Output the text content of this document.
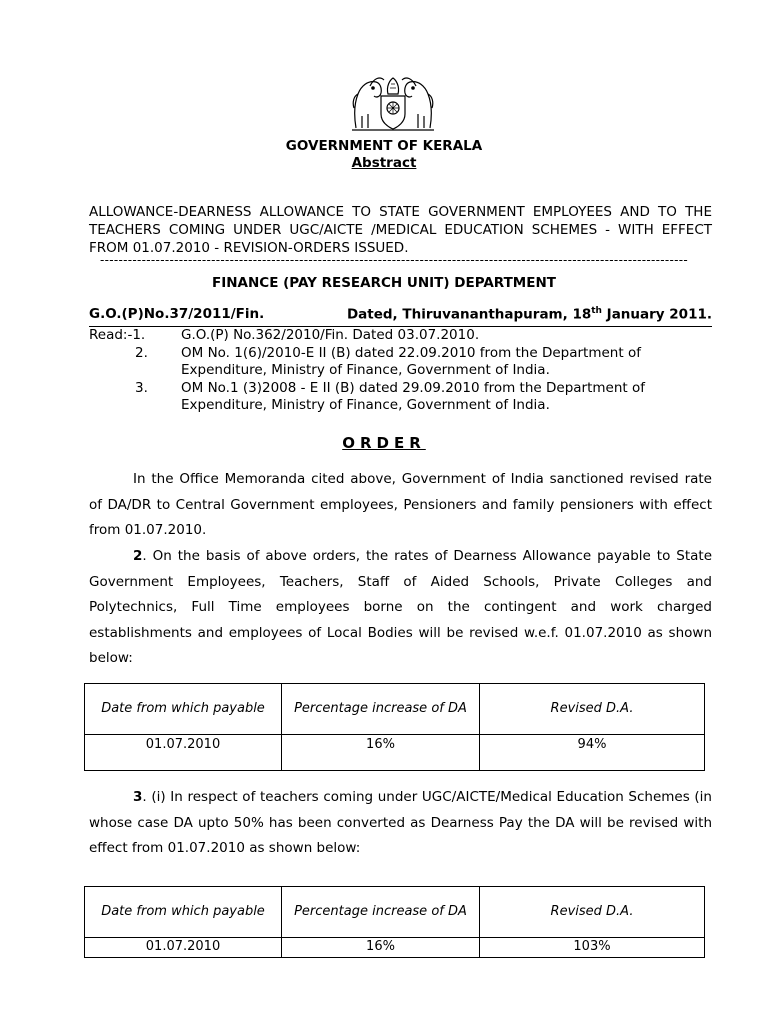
GOVERNMENT OF KERALA
Abstract
ALLOWANCE-DEARNESS ALLOWANCE TO STATE GOVERNMENT EMPLOYEES AND TO THE TEACHERS COMING UNDER UGC/AICTE /MEDICAL EDUCATION SCHEMES - WITH EFFECT FROM 01.07.2010 - REVISION-ORDERS ISSUED.
-------------------------------------------------------------------------------------------------------------------------------
FINANCE (PAY RESEARCH UNIT) DEPARTMENT
G.O.(P)No.37/2011/Fin.	Dated, Thiruvananthapuram, 18th January 2011.
Read:-1.	G.O.(P) No.362/2010/Fin. Dated 03.07.2010.
2.	OM No. 1(6)/2010-E II (B) dated 22.09.2010 from the Department of Expenditure, Ministry of Finance, Government of India.
3.	OM No.1 (3)2008 - E II (B) dated 29.09.2010 from the Department of Expenditure, Ministry of Finance, Government of India.
ORDER
In the Office Memoranda cited above, Government of India sanctioned revised rate of DA/DR to Central Government employees, Pensioners and family pensioners with effect from 01.07.2010.
2. On the basis of above orders, the rates of Dearness Allowance payable to State Government Employees, Teachers, Staff of Aided Schools, Private Colleges and Polytechnics, Full Time employees borne on the contingent and work charged establishments and employees of Local Bodies will be revised w.e.f. 01.07.2010 as shown below:
Date from which payable	Percentage increase of DA	Revised D.A.
01.07.2010	16%	94%
3. (i) In respect of teachers coming under UGC/AICTE/Medical Education Schemes (in whose case DA upto 50% has been converted as Dearness Pay the DA will be revised with effect from 01.07.2010 as shown below:
Date from which payable	Percentage increase of DA	Revised D.A.
01.07.2010	16%	103%
